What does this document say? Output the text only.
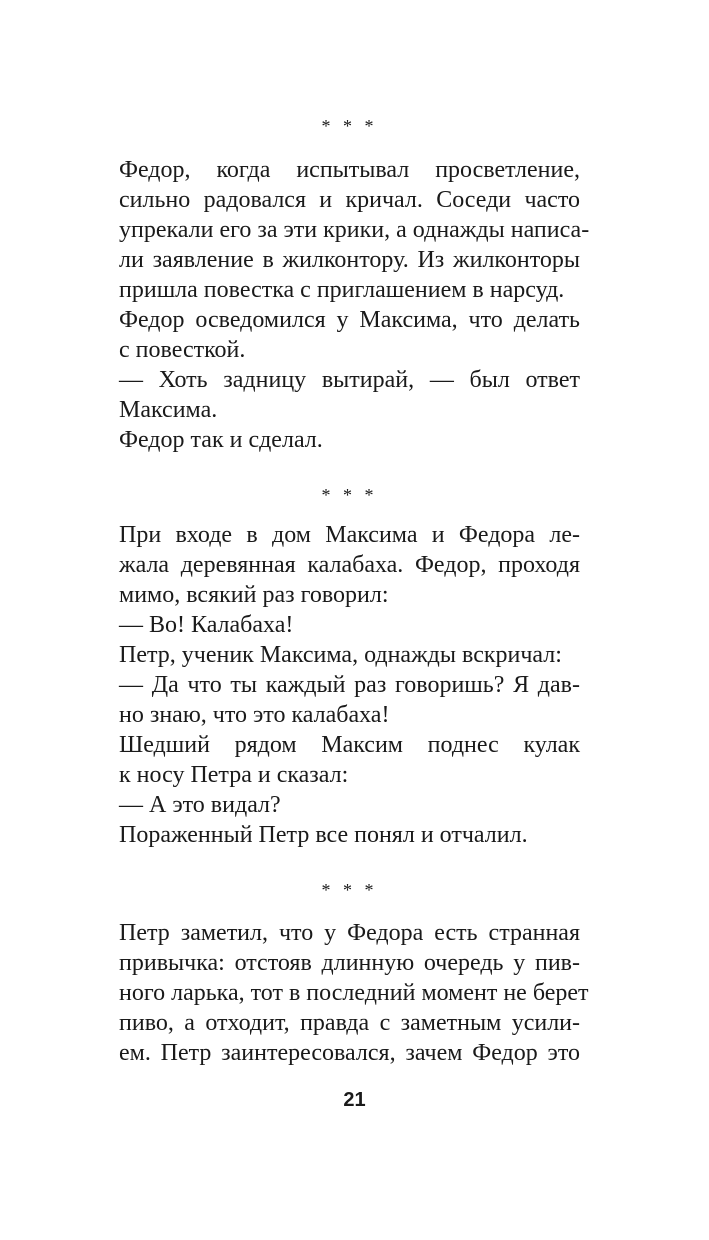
* * *
Федор, когда испытывал просветление,
сильно радовался и кричал. Соседи часто
упрекали его за эти крики, а однажды написа-
ли заявление в жилконтору. Из жилконторы
пришла повестка с приглашением в нарсуд.
Федор осведомился у Максима, что делать
с повесткой.
— Хоть задницу вытирай, — был ответ
Максима.
Федор так и сделал.
* * *
При входе в дом Максима и Федора ле-
жала деревянная калабаха. Федор, проходя
мимо, всякий раз говорил:
— Во! Калабаха!
Петр, ученик Максима, однажды вскричал:
— Да что ты каждый раз говоришь? Я дав-
но знаю, что это калабаха!
Шедший рядом Максим поднес кулак
к носу Петра и сказал:
— А это видал?
Пораженный Петр все понял и отчалил.
* * *
Петр заметил, что у Федора есть странная
привычка: отстояв длинную очередь у пив-
ного ларька, тот в последний момент не берет
пиво, а отходит, правда с заметным усили-
ем. Петр заинтересовался, зачем Федор это
21
